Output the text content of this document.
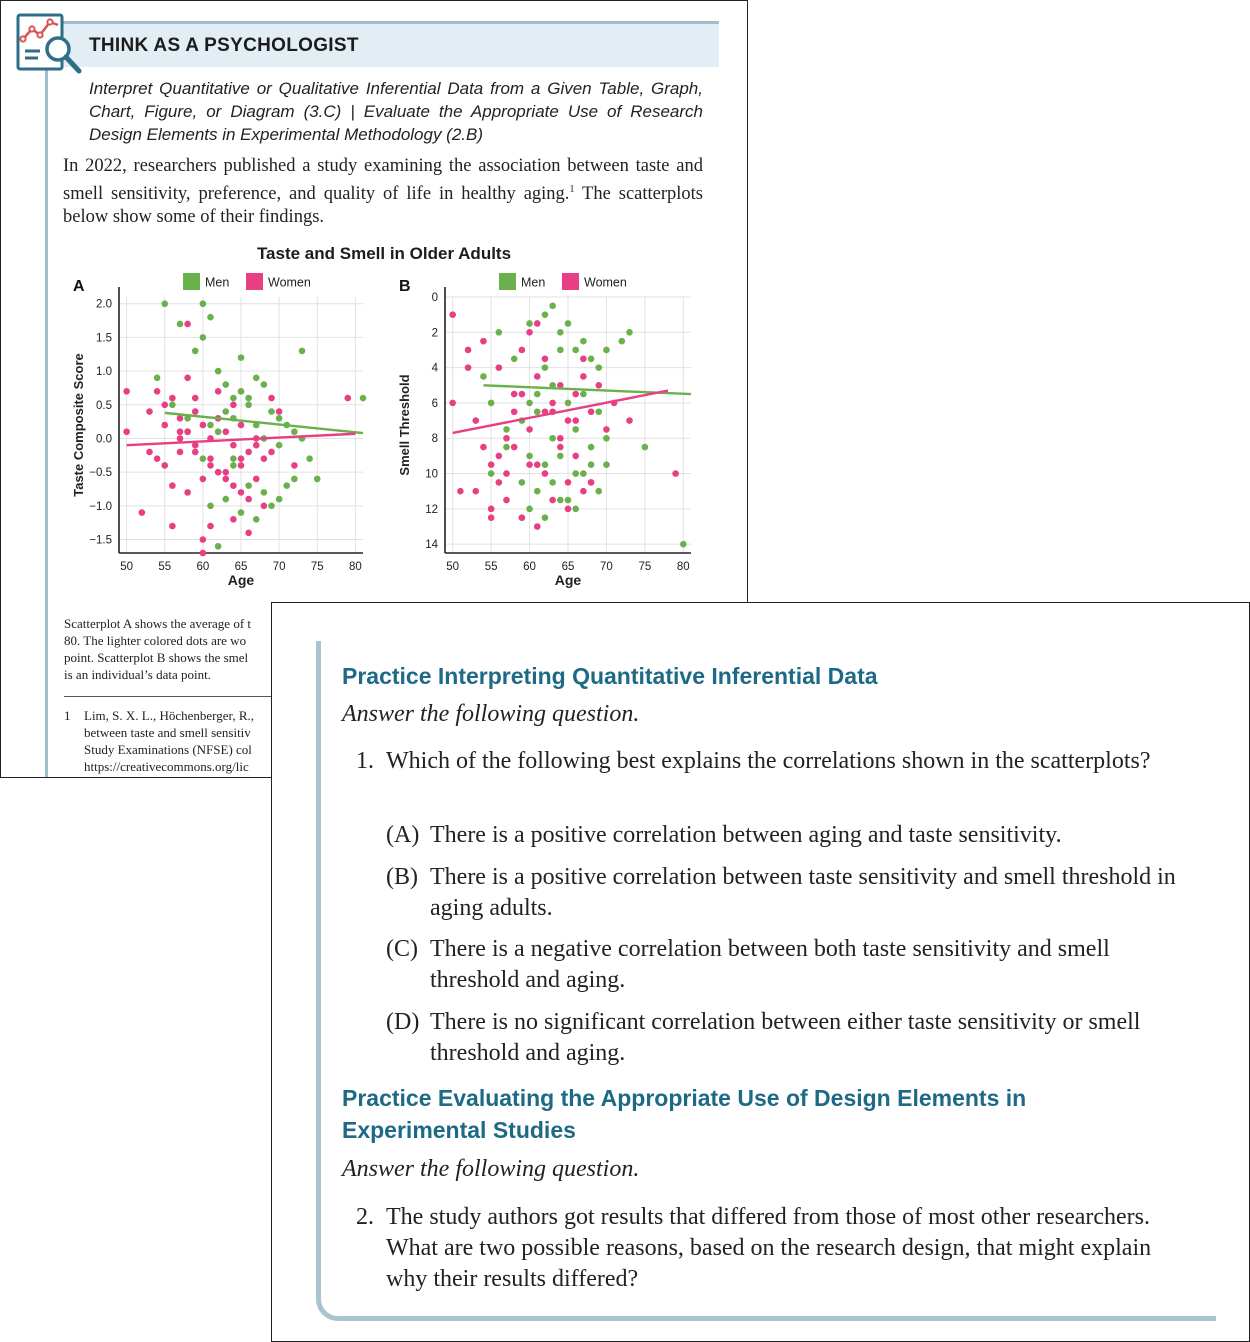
THINK AS A PSYCHOLOGIST
Interpret Quantitative or Qualitative Inferential Data from a Given Table, Graph, Chart, Figure, or Diagram (3.C) | Evaluate the Appropriate Use of Research Design Elements in Experimental Methodology (2.B)
In 2022, researchers published a study examining the association between taste and smell sensitivity, preference, and quality of life in healthy aging.$^1$ The scatterplots below show some of their findings.
Taste and Smell in Older Adults
50 55 60 65 70 75 80
2.0
1.5
1.0
0.5
0.0
−0.5
−1.0
−1.5
Age
Taste Composite Score
A	Men	Women
50 55 60 65 70 75 80
0
2
4
6
8
10
12
14
Age
Smell Threshold
B	Men	Women
Scatterplot A shows the average of t
80. The lighter colored dots are wo
point. Scatterplot B shows the smel
is an individual’s data point.
1 Lim, S. X. L., Höchenberger, R.,
between taste and smell sensitiv
Study Examinations (NFSE) col
https://creativecommons.org/lic
Practice Interpreting Quantitative Inferential Data
Answer the following question.
1. Which of the following best explains the correlations shown in the scatterplots?
(A) There is a positive correlation between aging and taste sensitivity.
(B) There is a positive correlation between taste sensitivity and smell threshold in aging adults.
(C) There is a negative correlation between both taste sensitivity and smell threshold and aging.
(D) There is no significant correlation between either taste sensitivity or smell threshold and aging.
Practice Evaluating the Appropriate Use of Design Elements in Experimental Studies
Answer the following question.
2. The study authors got results that differed from those of most other researchers. What are two possible reasons, based on the research design, that might explain why their results differed?
